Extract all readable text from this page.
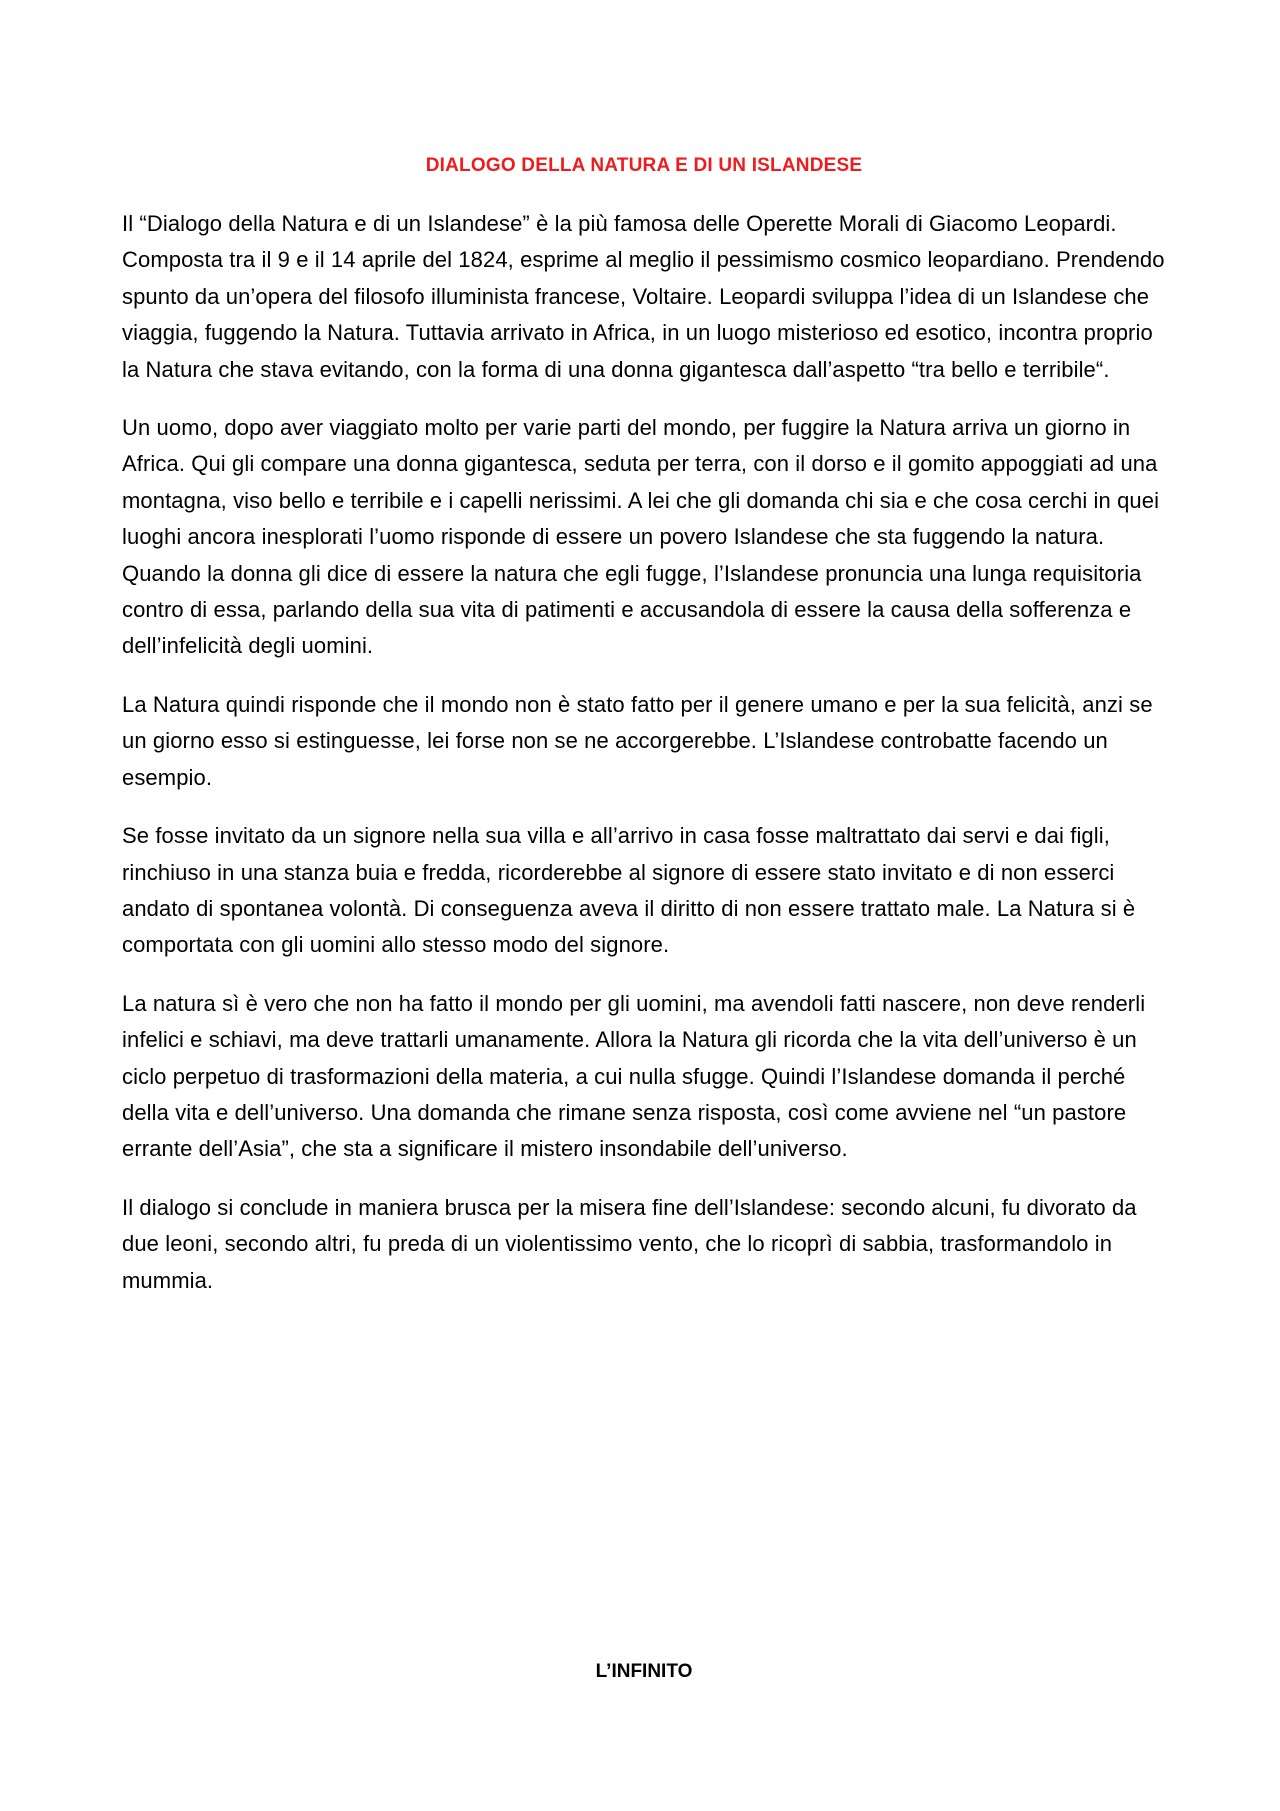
DIALOGO DELLA NATURA E DI UN ISLANDESE

Il “Dialogo della Natura e di un Islandese” è la più famosa delle Operette Morali di Giacomo Leopardi. Composta tra il 9 e il 14 aprile del 1824, esprime al meglio il pessimismo cosmico leopardiano. Prendendo spunto da un’opera del filosofo illuminista francese, Voltaire. Leopardi sviluppa l’idea di un Islandese che viaggia, fuggendo la Natura. Tuttavia arrivato in Africa, in un luogo misterioso ed esotico, incontra proprio la Natura che stava evitando, con la forma di una donna gigantesca dall’aspetto “tra bello e terribile“.

Un uomo, dopo aver viaggiato molto per varie parti del mondo, per fuggire la Natura arriva un giorno in Africa. Qui gli compare una donna gigantesca, seduta per terra, con il dorso e il gomito appoggiati ad una montagna, viso bello e terribile e i capelli nerissimi. A lei che gli domanda chi sia e che cosa cerchi in quei luoghi ancora inesplorati l’uomo risponde di essere un povero Islandese che sta fuggendo la natura. Quando la donna gli dice di essere la natura che egli fugge, l’Islandese pronuncia una lunga requisitoria contro di essa, parlando della sua vita di patimenti e accusandola di essere la causa della sofferenza e dell’infelicità degli uomini.

La Natura quindi risponde che il mondo non è stato fatto per il genere umano e per la sua felicità, anzi se un giorno esso si estinguesse, lei forse non se ne accorgerebbe. L’Islandese controbatte facendo un esempio.

Se fosse invitato da un signore nella sua villa e all’arrivo in casa fosse maltrattato dai servi e dai figli, rinchiuso in una stanza buia e fredda, ricorderebbe al signore di essere stato invitato e di non esserci andato di spontanea volontà. Di conseguenza aveva il diritto di non essere trattato male. La Natura si è comportata con gli uomini allo stesso modo del signore.

La natura sì è vero che non ha fatto il mondo per gli uomini, ma avendoli fatti nascere, non deve renderli infelici e schiavi, ma deve trattarli umanamente. Allora la Natura gli ricorda che la vita dell’universo è un ciclo perpetuo di trasformazioni della materia, a cui nulla sfugge. Quindi l’Islandese domanda il perché della vita e dell’universo. Una domanda che rimane senza risposta, così come avviene nel “un pastore errante dell’Asia”, che sta a significare il mistero insondabile dell’universo.

Il dialogo si conclude in maniera brusca per la misera fine dell’Islandese: secondo alcuni, fu divorato da due leoni, secondo altri, fu preda di un violentissimo vento, che lo ricoprì di sabbia, trasformandolo in mummia.

L’INFINITO
